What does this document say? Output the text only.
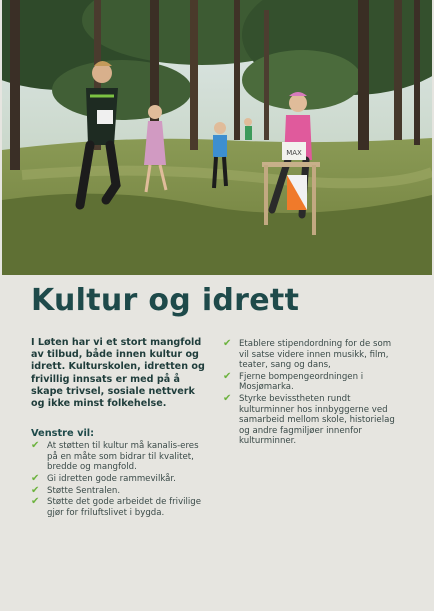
MAX
Kultur og idrett

I Løten har vi et stort mangfold av tilbud, både innen kultur og idrett. Kulturskolen, idretten og frivillig innsats er med på å skape trivsel, sosiale nettverk og ikke minst folkehelse.

Venstre vil:
✔ At støtten til kultur må kanalis-eres på en måte som bidrar til kvalitet, bredde og mangfold.
✔ Gi idretten gode rammevilkår.
✔ Støtte Sentralen.
✔ Støtte det gode arbeidet de frivilige gjør for friluftslivet i bygda.
✔ Etablere stipendordning for de som vil satse videre innen musikk, film, teater, sang og dans,
✔ Fjerne bompengeordningen i Mosjømarka.
✔ Styrke bevisstheten rundt kulturminner hos innbyggerne ved samarbeid mellom skole, historielag og andre fagmiljøer innenfor kulturminner.
